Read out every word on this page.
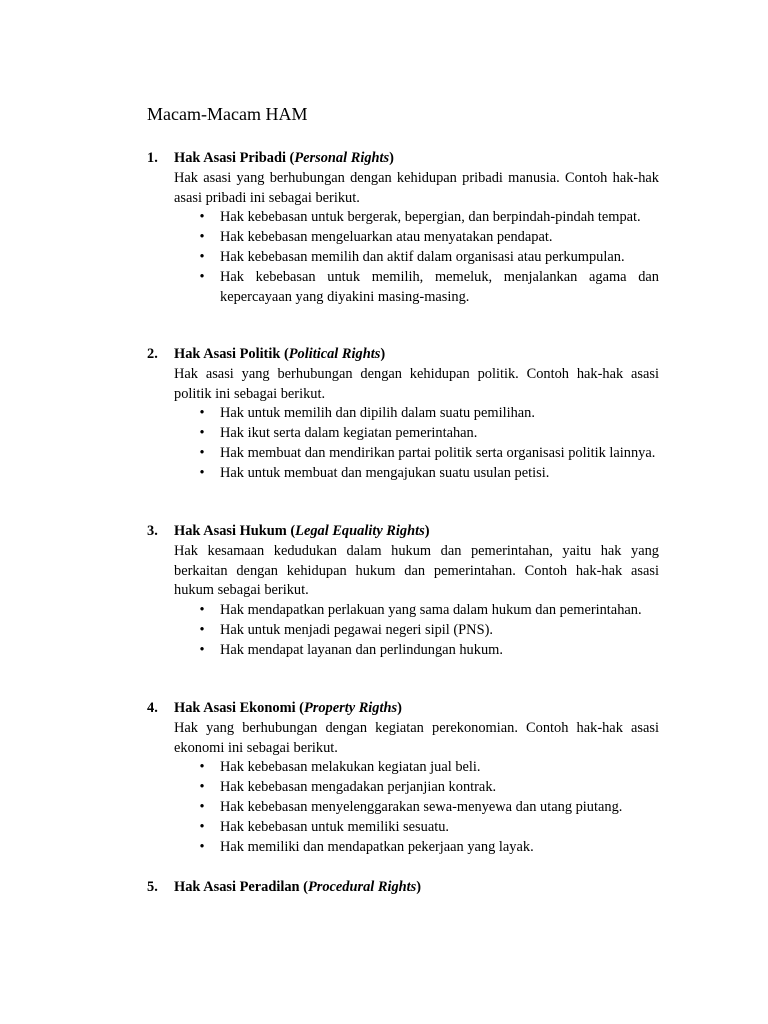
Macam-Macam HAM
1.	Hak Asasi Pribadi (Personal Rights)
Hak asasi yang berhubungan dengan kehidupan pribadi manusia. Contoh hak-hak asasi pribadi ini sebagai berikut.
• Hak kebebasan untuk bergerak, bepergian, dan berpindah-pindah tempat.
• Hak kebebasan mengeluarkan atau menyatakan pendapat.
• Hak kebebasan memilih dan aktif dalam organisasi atau perkumpulan.
• Hak kebebasan untuk memilih, memeluk, menjalankan agama dan kepercayaan yang diyakini masing-masing.
2.	Hak Asasi Politik (Political Rights)
Hak asasi yang berhubungan dengan kehidupan politik. Contoh hak-hak asasi politik ini sebagai berikut.
• Hak untuk memilih dan dipilih dalam suatu pemilihan.
• Hak ikut serta dalam kegiatan pemerintahan.
• Hak membuat dan mendirikan partai politik serta organisasi politik lainnya.
• Hak untuk membuat dan mengajukan suatu usulan petisi.
3.	Hak Asasi Hukum (Legal Equality Rights)
Hak kesamaan kedudukan dalam hukum dan pemerintahan, yaitu hak yang berkaitan dengan kehidupan hukum dan pemerintahan. Contoh hak-hak asasi hukum sebagai berikut.
• Hak mendapatkan perlakuan yang sama dalam hukum dan pemerintahan.
• Hak untuk menjadi pegawai negeri sipil (PNS).
• Hak mendapat layanan dan perlindungan hukum.
4.	Hak Asasi Ekonomi (Property Rigths)
Hak yang berhubungan dengan kegiatan perekonomian. Contoh hak-hak asasi ekonomi ini sebagai berikut.
• Hak kebebasan melakukan kegiatan jual beli.
• Hak kebebasan mengadakan perjanjian kontrak.
• Hak kebebasan menyelenggarakan sewa-menyewa dan utang piutang.
• Hak kebebasan untuk memiliki sesuatu.
• Hak memiliki dan mendapatkan pekerjaan yang layak.
5.	Hak Asasi Peradilan (Procedural Rights)
